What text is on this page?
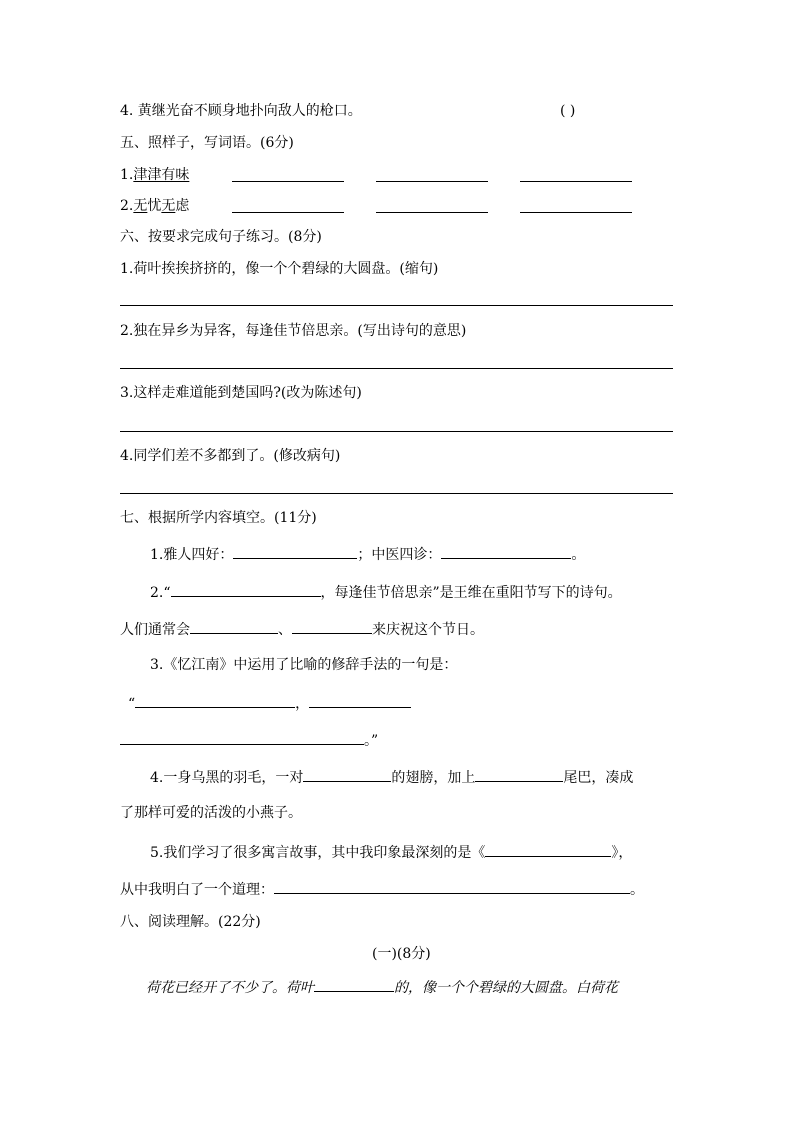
4. 黄继光奋不顾身地扑向敌人的枪口。	( )
五、照样子，写词语。(6分)
1.津津有味
2.无忧无虑
六、按要求完成句子练习。(8分)
1.荷叶挨挨挤挤的，像一个个碧绿的大圆盘。(缩句)
2.独在异乡为异客，每逢佳节倍思亲。(写出诗句的意思)
3.这样走难道能到楚国吗?(改为陈述句)
4.同学们差不多都到了。(修改病句)
七、根据所学内容填空。(11分)
1.雅人四好：	；中医四诊：	。
2.“	，每逢佳节倍思亲”是王维在重阳节写下的诗句。
人们通常会	、	来庆祝这个节日。
3.《忆江南》中运用了比喻的修辞手法的一句是：
“	，
。”
4.一身乌黑的羽毛，一对	的翅膀，加上	尾巴，凑成
了那样可爱的活泼的小燕子。
5.我们学习了很多寓言故事，其中我印象最深刻的是《	》，
从中我明白了一个道理：	。
八、阅读理解。(22分)
(一)(8分)
荷花已经开了不少了。荷叶	的，像一个个碧绿的大圆盘。白荷花
